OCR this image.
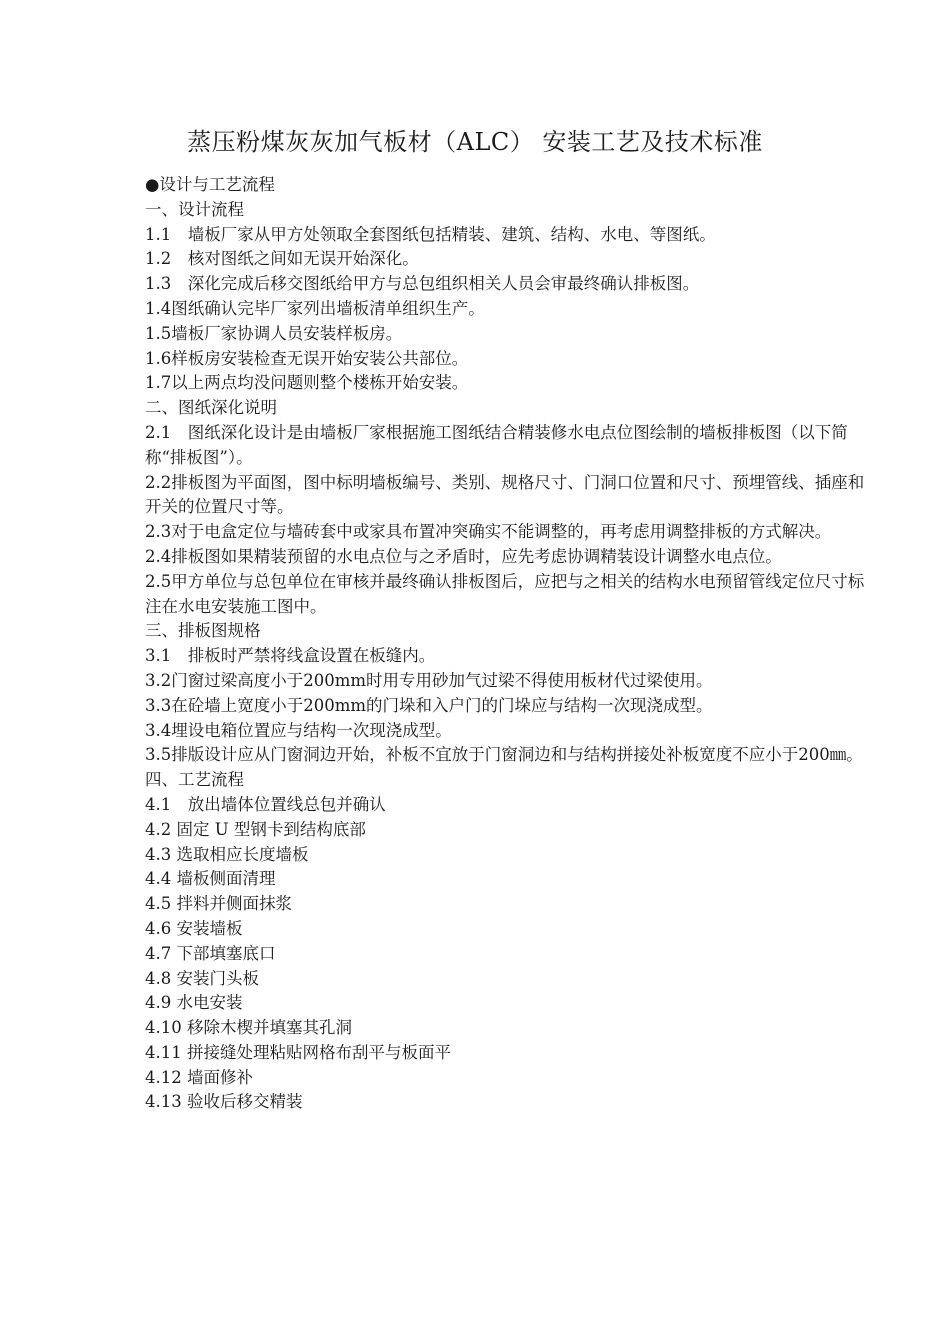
蒸压粉煤灰灰加气板材（ALC） 安装工艺及技术标准

●设计与工艺流程

一、设计流程

1.1　墙板厂家从甲方处领取全套图纸包括精装、建筑、结构、水电、等图纸。

1.2　核对图纸之间如无误开始深化。

1.3　深化完成后移交图纸给甲方与总包组织相关人员会审最终确认排板图。

1.4图纸确认完毕厂家列出墙板清单组织生产。

1.5墙板厂家协调人员安装样板房。

1.6样板房安装检查无误开始安装公共部位。

1.7以上两点均没问题则整个楼栋开始安装。

二、图纸深化说明

2.1　图纸深化设计是由墙板厂家根据施工图纸结合精装修水电点位图绘制的墙板排板图（以下简称“排板图”）。

2.2排板图为平面图，图中标明墙板编号、类别、规格尺寸、门洞口位置和尺寸、预埋管线、插座和开关的位置尺寸等。

2.3对于电盒定位与墙砖套中或家具布置冲突确实不能调整的，再考虑用调整排板的方式解决。

2.4排板图如果精装预留的水电点位与之矛盾时，应先考虑协调精装设计调整水电点位。

2.5甲方单位与总包单位在审核并最终确认排板图后，应把与之相关的结构水电预留管线定位尺寸标注在水电安装施工图中。

三、排板图规格

3.1　排板时严禁将线盒设置在板缝内。

3.2门窗过梁高度小于200mm时用专用砂加气过梁不得使用板材代过梁使用。

3.3在砼墙上宽度小于200mm的门垛和入户门的门垛应与结构一次现浇成型。

3.4埋设电箱位置应与结构一次现浇成型。

3.5排版设计应从门窗洞边开始，补板不宜放于门窗洞边和与结构拼接处补板宽度不应小于200㎜。

四、工艺流程

4.1　放出墙体位置线总包并确认

4.2 固定 U 型钢卡到结构底部

4.3 选取相应长度墙板

4.4 墙板侧面清理

4.5 拌料并侧面抹浆

4.6 安装墙板

4.7 下部填塞底口

4.8 安装门头板

4.9 水电安装

4.10 移除木楔并填塞其孔洞

4.11 拼接缝处理粘贴网格布刮平与板面平

4.12 墙面修补

4.13 验收后移交精装
